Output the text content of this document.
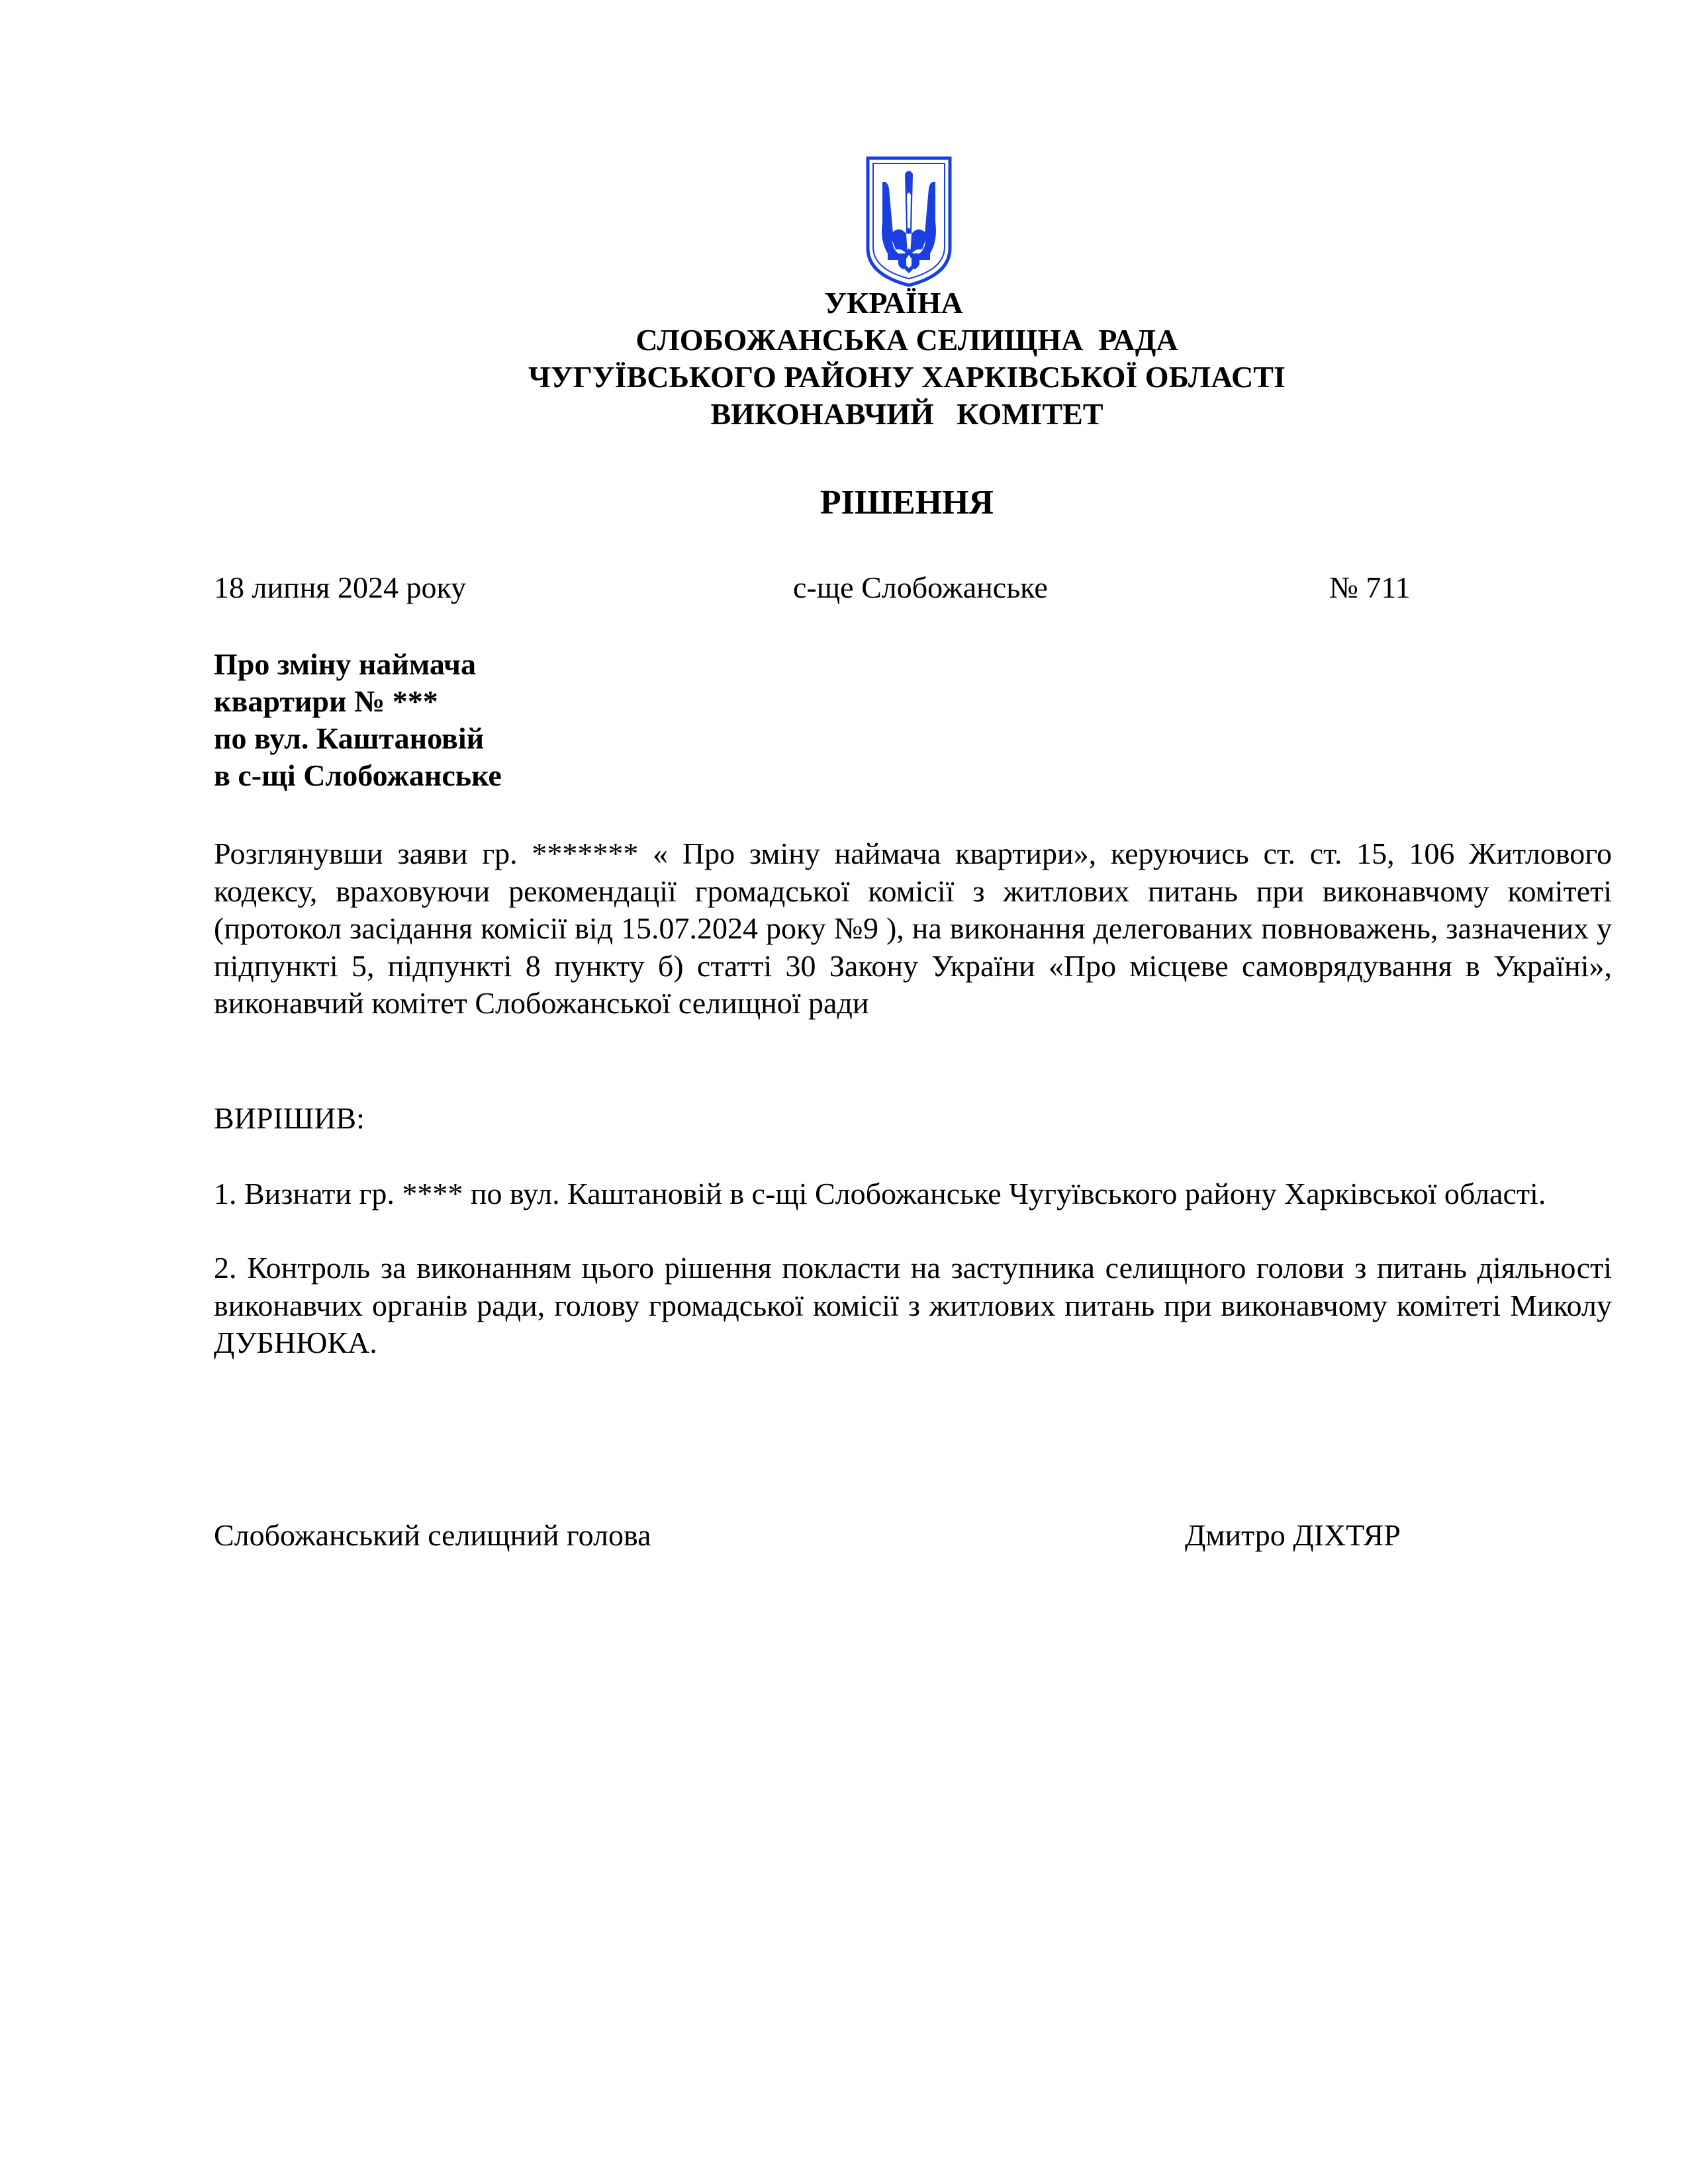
УКРАЇНА
СЛОБОЖАНСЬКА СЕЛИЩНА  РАДА
ЧУГУЇВСЬКОГО РАЙОНУ ХАРКІВСЬКОЇ ОБЛАСТІ
ВИКОНАВЧИЙ   КОМІТЕТ
РІШЕННЯ
18 липня 2024 року	с-ще Слобожанське	№ 711
Про зміну наймача
квартири № ***
по вул. Каштановій
в с-щі Слобожанське
Розглянувши заяви гр. ******* « Про зміну наймача квартири», керуючись ст. ст. 15, 106 Житлового кодексу, враховуючи рекомендації громадської комісії з житлових питань при виконавчому комітеті (протокол засідання комісії від 15.07.2024 року №9 ), на виконання делегованих повноважень, зазначених у підпункті 5, підпункті 8 пункту б) статті 30 Закону України «Про місцеве самоврядування в Україні», виконавчий комітет Слобожанської селищної ради
ВИРІШИВ:
1. Визнати гр. **** по вул. Каштановій в с-щі Слобожанське Чугуївського району Харківської області.
2. Контроль за виконанням цього рішення покласти на заступника селищного голови з питань діяльності виконавчих органів ради, голову громадської комісії з житлових питань при виконавчому комітеті Миколу ДУБНЮКА.
Слобожанський селищний голова	Дмитро ДІХТЯР
